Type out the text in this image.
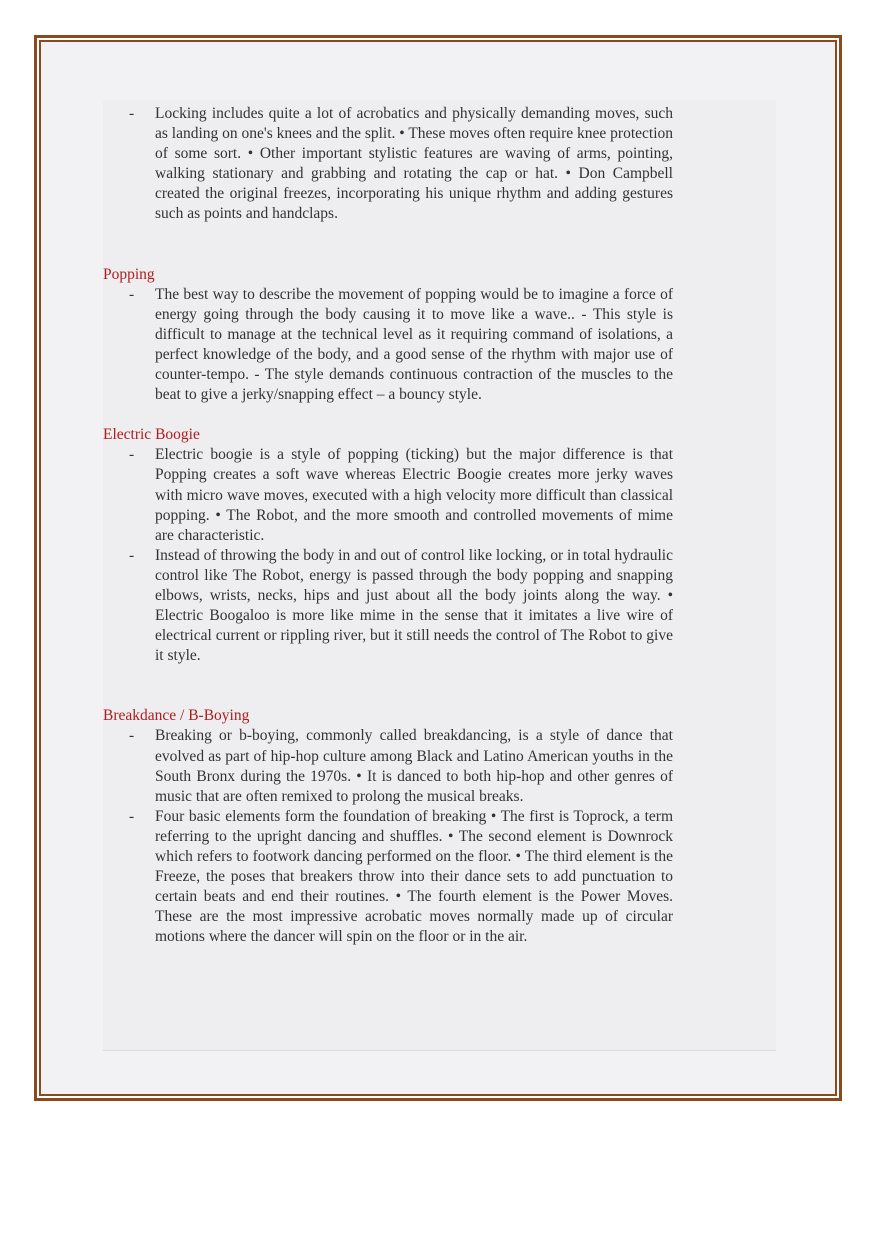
- Locking includes quite a lot of acrobatics and physically demanding moves, such as landing on one's knees and the split. • These moves often require knee protection of some sort. • Other important stylistic features are waving of arms, pointing, walking stationary and grabbing and rotating the cap or hat. • Don Campbell created the original freezes, incorporating his unique rhythm and adding gestures such as points and handclaps.
Popping
- The best way to describe the movement of popping would be to imagine a force of energy going through the body causing it to move like a wave.. - This style is difficult to manage at the technical level as it requiring command of isolations, a perfect knowledge of the body, and a good sense of the rhythm with major use of counter-tempo. - The style demands continuous contraction of the muscles to the beat to give a jerky/snapping effect – a bouncy style.
Electric Boogie
- Electric boogie is a style of popping (ticking) but the major difference is that Popping creates a soft wave whereas Electric Boogie creates more jerky waves with micro wave moves, executed with a high velocity more difficult than classical popping. • The Robot, and the more smooth and controlled movements of mime are characteristic.
- Instead of throwing the body in and out of control like locking, or in total hydraulic control like The Robot, energy is passed through the body popping and snapping elbows, wrists, necks, hips and just about all the body joints along the way. • Electric Boogaloo is more like mime in the sense that it imitates a live wire of electrical current or rippling river, but it still needs the control of The Robot to give it style.
Breakdance / B-Boying
- Breaking or b-boying, commonly called breakdancing, is a style of dance that evolved as part of hip-hop culture among Black and Latino American youths in the South Bronx during the 1970s. • It is danced to both hip-hop and other genres of music that are often remixed to prolong the musical breaks.
- Four basic elements form the foundation of breaking • The first is Toprock, a term referring to the upright dancing and shuffles. • The second element is Downrock which refers to footwork dancing performed on the floor. • The third element is the Freeze, the poses that breakers throw into their dance sets to add punctuation to certain beats and end their routines. • The fourth element is the Power Moves. These are the most impressive acrobatic moves normally made up of circular motions where the dancer will spin on the floor or in the air.
